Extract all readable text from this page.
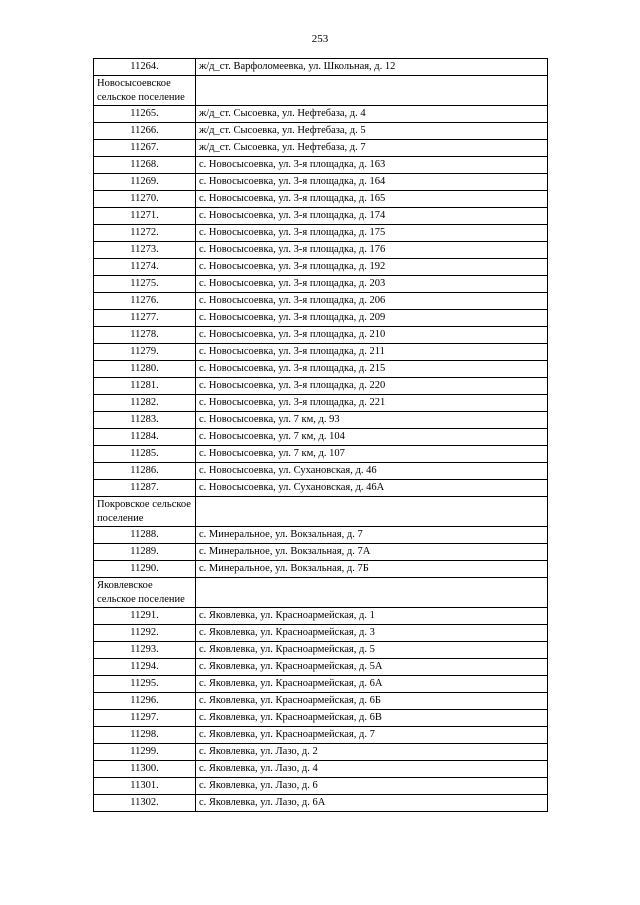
253
11264.	ж/д_ст. Варфоломеевка, ул. Школьная, д. 12
Новосысоевское сельское поселение	
11265.	ж/д_ст. Сысоевка, ул. Нефтебаза, д. 4
11266.	ж/д_ст. Сысоевка, ул. Нефтебаза, д. 5
11267.	ж/д_ст. Сысоевка, ул. Нефтебаза, д. 7
11268.	с. Новосысоевка, ул. 3-я площадка, д. 163
11269.	с. Новосысоевка, ул. 3-я площадка, д. 164
11270.	с. Новосысоевка, ул. 3-я площадка, д. 165
11271.	с. Новосысоевка, ул. 3-я площадка, д. 174
11272.	с. Новосысоевка, ул. 3-я площадка, д. 175
11273.	с. Новосысоевка, ул. 3-я площадка, д. 176
11274.	с. Новосысоевка, ул. 3-я площадка, д. 192
11275.	с. Новосысоевка, ул. 3-я площадка, д. 203
11276.	с. Новосысоевка, ул. 3-я площадка, д. 206
11277.	с. Новосысоевка, ул. 3-я площадка, д. 209
11278.	с. Новосысоевка, ул. 3-я площадка, д. 210
11279.	с. Новосысоевка, ул. 3-я площадка, д. 211
11280.	с. Новосысоевка, ул. 3-я площадка, д. 215
11281.	с. Новосысоевка, ул. 3-я площадка, д. 220
11282.	с. Новосысоевка, ул. 3-я площадка, д. 221
11283.	с. Новосысоевка, ул. 7 км, д. 93
11284.	с. Новосысоевка, ул. 7 км, д. 104
11285.	с. Новосысоевка, ул. 7 км, д. 107
11286.	с. Новосысоевка, ул. Сухановская, д. 46
11287.	с. Новосысоевка, ул. Сухановская, д. 46А
Покровское сельское поселение	
11288.	с. Минеральное, ул. Вокзальная, д. 7
11289.	с. Минеральное, ул. Вокзальная, д. 7А
11290.	с. Минеральное, ул. Вокзальная, д. 7Б
Яковлевское сельское поселение	
11291.	с. Яковлевка, ул. Красноармейская, д. 1
11292.	с. Яковлевка, ул. Красноармейская, д. 3
11293.	с. Яковлевка, ул. Красноармейская, д. 5
11294.	с. Яковлевка, ул. Красноармейская, д. 5А
11295.	с. Яковлевка, ул. Красноармейская, д. 6А
11296.	с. Яковлевка, ул. Красноармейская, д. 6Б
11297.	с. Яковлевка, ул. Красноармейская, д. 6В
11298.	с. Яковлевка, ул. Красноармейская, д. 7
11299.	с. Яковлевка, ул. Лазо, д. 2
11300.	с. Яковлевка, ул. Лазо, д. 4
11301.	с. Яковлевка, ул. Лазо, д. 6
11302.	с. Яковлевка, ул. Лазо, д. 6А
